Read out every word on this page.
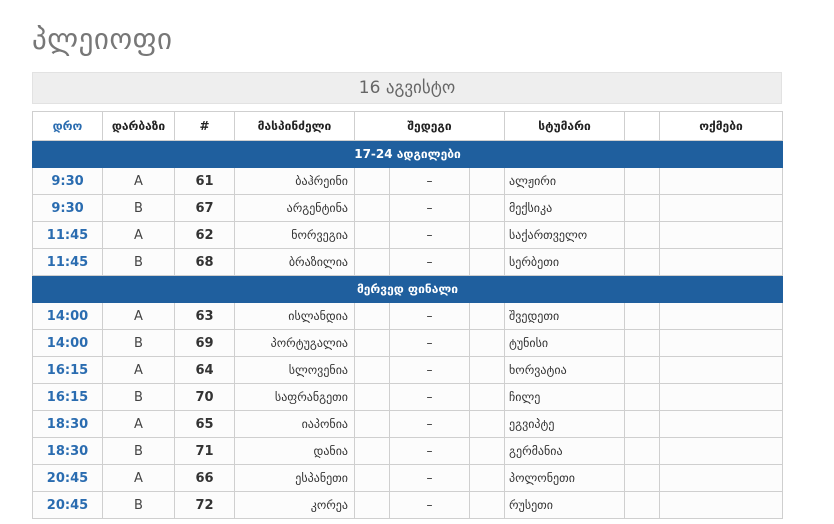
პლეიოფი
16 აგვისტო
დრო	დარბაზი	#	მასპინძელი	შედეგი			სტუმარი		ოქმები
17-24 ადგილები									
9:30	A	61	ბაჰრეინი		–		ალჟირი		
9:30	B	67	არგენტინა		–		მექსიკა		
11:45	A	62	ნორვეგია		–		საქართველო		
11:45	B	68	ბრაზილია		–		სერბეთი		
მერვედ ფინალი									
14:00	A	63	ისლანდია		–		შვედეთი		
14:00	B	69	პორტუგალია		–		ტუნისი		
16:15	A	64	სლოვენია		–		ხორვატია		
16:15	B	70	საფრანგეთი		–		ჩილე		
18:30	A	65	იაპონია		–		ეგვიპტე		
18:30	B	71	დანია		–		გერმანია		
20:45	A	66	ესპანეთი		–		პოლონეთი		
20:45	B	72	კორეა		–		რუსეთი		
